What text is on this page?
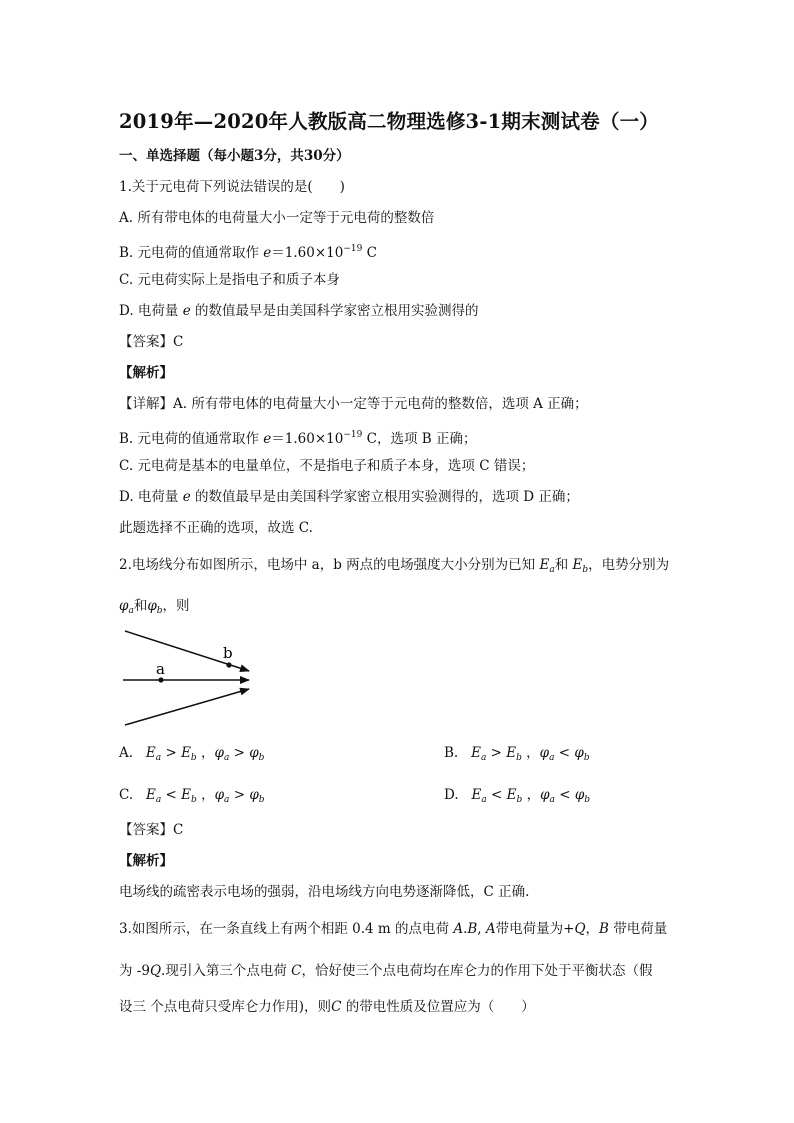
2019年—2020年人教版高二物理选修3-1期末测试卷（一）
一、单选择题（每小题3分，共30分）
1.关于元电荷下列说法错误的是(　　)
A. 所有带电体的电荷量大小一定等于元电荷的整数倍
B. 元电荷的值通常取作 $e=1.60\times 10^{-19}$ C
C. 元电荷实际上是指电子和质子本身
D. 电荷量 e 的数值最早是由美国科学家密立根用实验测得的
【答案】C
【解析】
【详解】A. 所有带电体的电荷量大小一定等于元电荷的整数倍，选项 A 正确；
B. 元电荷的值通常取作 $e=1.60\times 10^{-19}$ C，选项 B 正确；
C. 元电荷是基本的电量单位，不是指电子和质子本身，选项 C 错误；
D. 电荷量 e 的数值最早是由美国科学家密立根用实验测得的，选项 D 正确；
此题选择不正确的选项，故选 C.
2.电场线分布如图所示，电场中 a，b 两点的电场强度大小分别为已知 $E_a$和 $E_b$，电势分别为
$\varphi_a$和$\varphi_b$，则
a
b
A. $E_a > E_b$ ，$\varphi_a > \varphi_b$	B. $E_a > E_b$ ，$\varphi_a < \varphi_b$
C. $E_a < E_b$ ，$\varphi_a > \varphi_b$	D. $E_a < E_b$ ，$\varphi_a < \varphi_b$
【答案】C
【解析】
电场线的疏密表示电场的强弱，沿电场线方向电势逐渐降低，C 正确.
3.如图所示，在一条直线上有两个相距 0.4 m 的点电荷 A.B, A带电荷量为+Q，B 带电荷量
为 -9Q.现引入第三个点电荷 C，恰好使三个点电荷均在库仑力的作用下处于平衡状态（假
设三 个点电荷只受库仑力作用)，则C 的带电性质及位置应为（　　）
